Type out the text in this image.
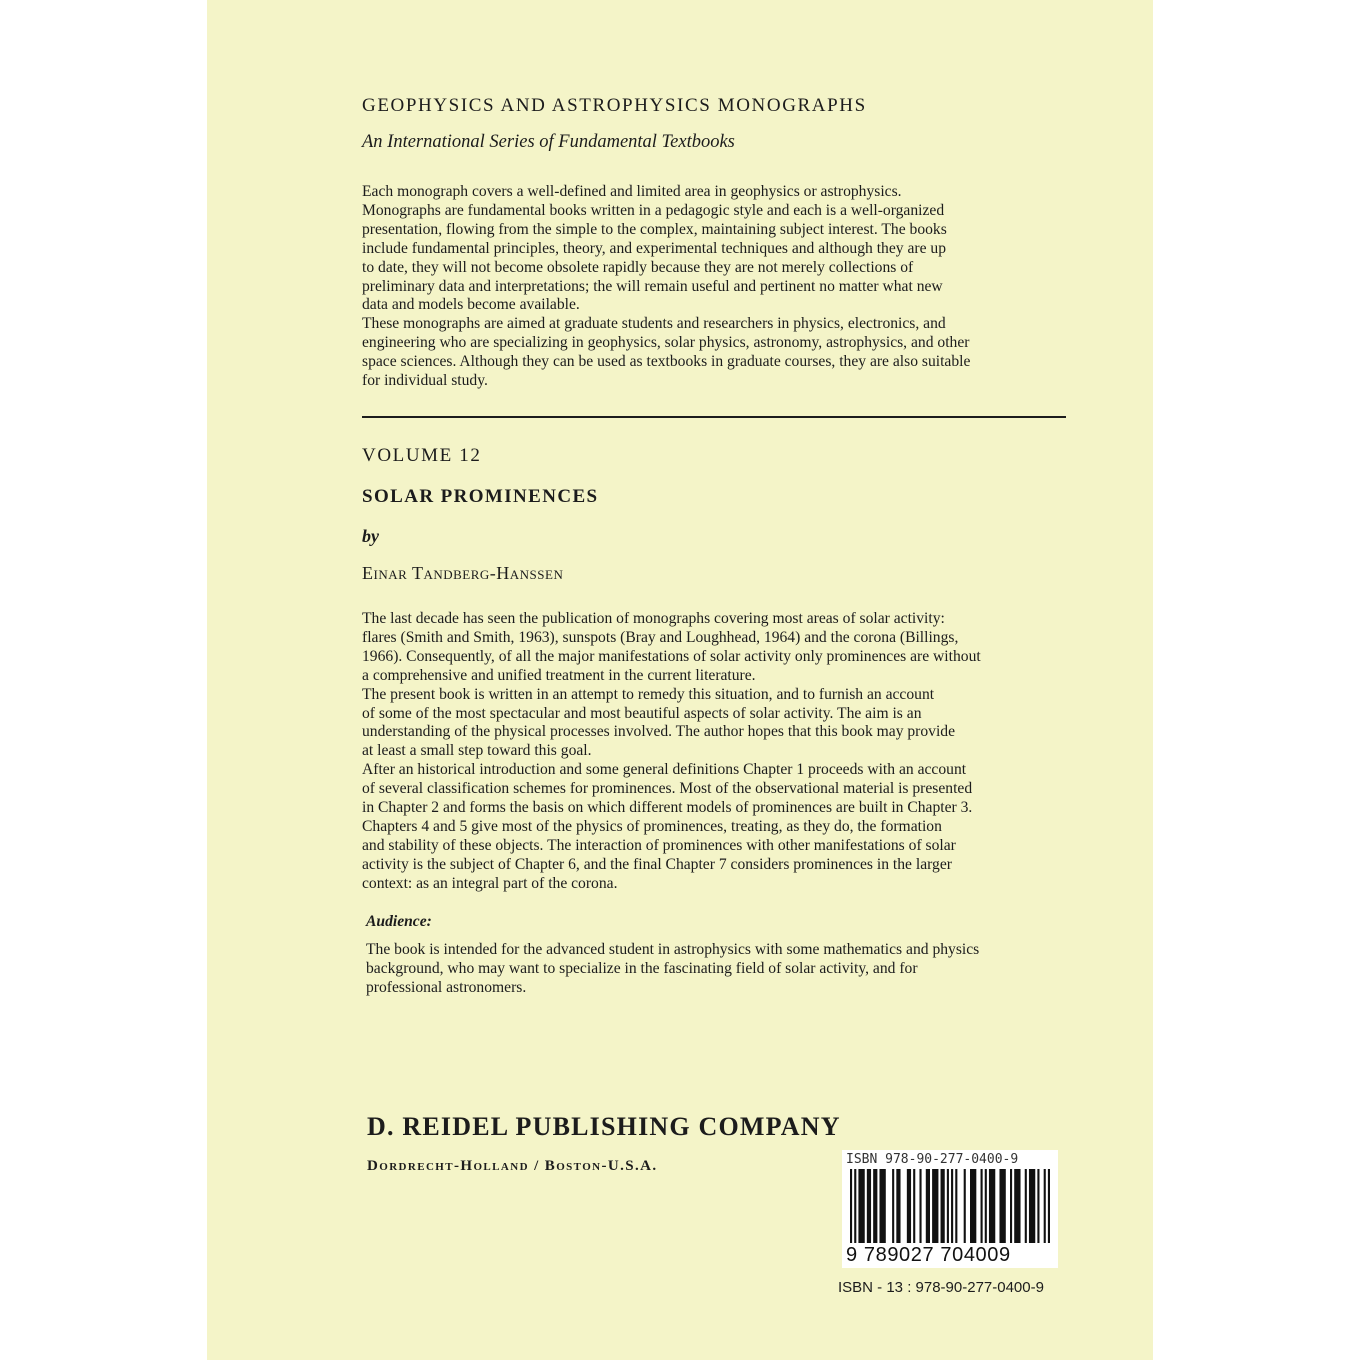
GEOPHYSICS AND ASTROPHYSICS MONOGRAPHS
An International Series of Fundamental Textbooks

Each monograph covers a well-defined and limited area in geophysics or astrophysics.

Monographs are fundamental books written in a pedagogic style and each is a well-organized

presentation, flowing from the simple to the complex, maintaining subject interest. The books

include fundamental principles, theory, and experimental techniques and although they are up

to date, they will not become obsolete rapidly because they are not merely collections of

preliminary data and interpretations; the will remain useful and pertinent no matter what new

data and models become available.

These monographs are aimed at graduate students and researchers in physics, electronics, and

engineering who are specializing in geophysics, solar physics, astronomy, astrophysics, and other

space sciences. Although they can be used as textbooks in graduate courses, they are also suitable

for individual study.

VOLUME 12
SOLAR PROMINENCES
by
Einar Tandberg-Hanssen

The last decade has seen the publication of monographs covering most areas of solar activity:

flares (Smith and Smith, 1963), sunspots (Bray and Loughhead, 1964) and the corona (Billings,

1966). Consequently, of all the major manifestations of solar activity only prominences are without

a comprehensive and unified treatment in the current literature.

The present book is written in an attempt to remedy this situation, and to furnish an account

of some of the most spectacular and most beautiful aspects of solar activity. The aim is an

understanding of the physical processes involved. The author hopes that this book may provide

at least a small step toward this goal.

After an historical introduction and some general definitions Chapter 1 proceeds with an account

of several classification schemes for prominences. Most of the observational material is presented

in Chapter 2 and forms the basis on which different models of prominences are built in Chapter 3.

Chapters 4 and 5 give most of the physics of prominences, treating, as they do, the formation

and stability of these objects. The interaction of prominences with other manifestations of solar

activity is the subject of Chapter 6, and the final Chapter 7 considers prominences in the larger

context: as an integral part of the corona.

Audience:

The book is intended for the advanced student in astrophysics with some mathematics and physics

background, who may want to specialize in the fascinating field of solar activity, and for

professional astronomers.

D. REIDEL PUBLISHING COMPANY
Dordrecht-Holland / Boston-U.S.A.	ISBN 978-90-277-0400-9
9 789027 704009
ISBN - 13 : 978-90-277-0400-9
